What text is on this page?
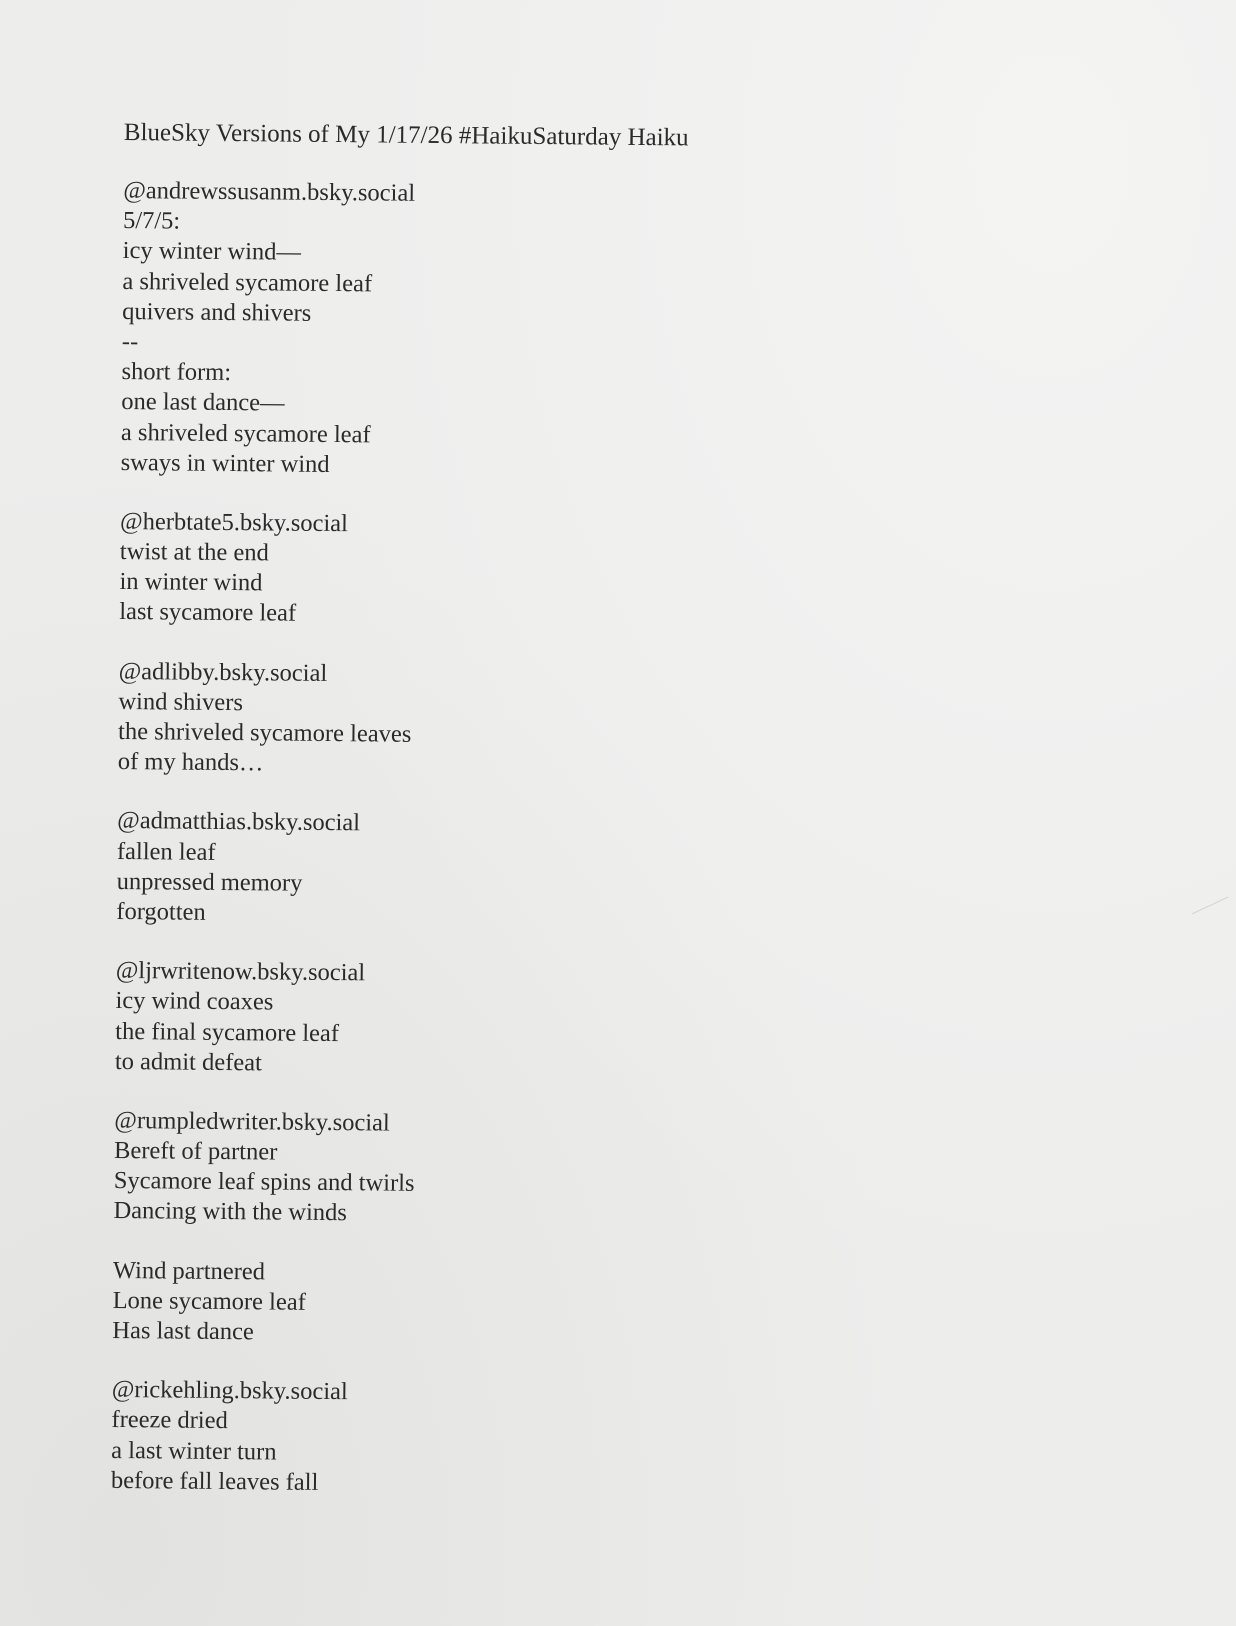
BlueSky Versions of My 1/17/26 #HaikuSaturday Haiku
@andrewssusanm.bsky.social
5/7/5:
icy winter wind—
a shriveled sycamore leaf
quivers and shivers
--
short form:
one last dance—
a shriveled sycamore leaf
sways in winter wind
@herbtate5.bsky.social
twist at the end
in winter wind
last sycamore leaf
@adlibby.bsky.social
wind shivers
the shriveled sycamore leaves
of my hands…
@admatthias.bsky.social
fallen leaf
unpressed memory
forgotten
@ljrwritenow.bsky.social
icy wind coaxes
the final sycamore leaf
to admit defeat
@rumpledwriter.bsky.social
Bereft of partner
Sycamore leaf spins and twirls
Dancing with the winds
Wind partnered
Lone sycamore leaf
Has last dance
@rickehling.bsky.social
freeze dried
a last winter turn
before fall leaves fall
